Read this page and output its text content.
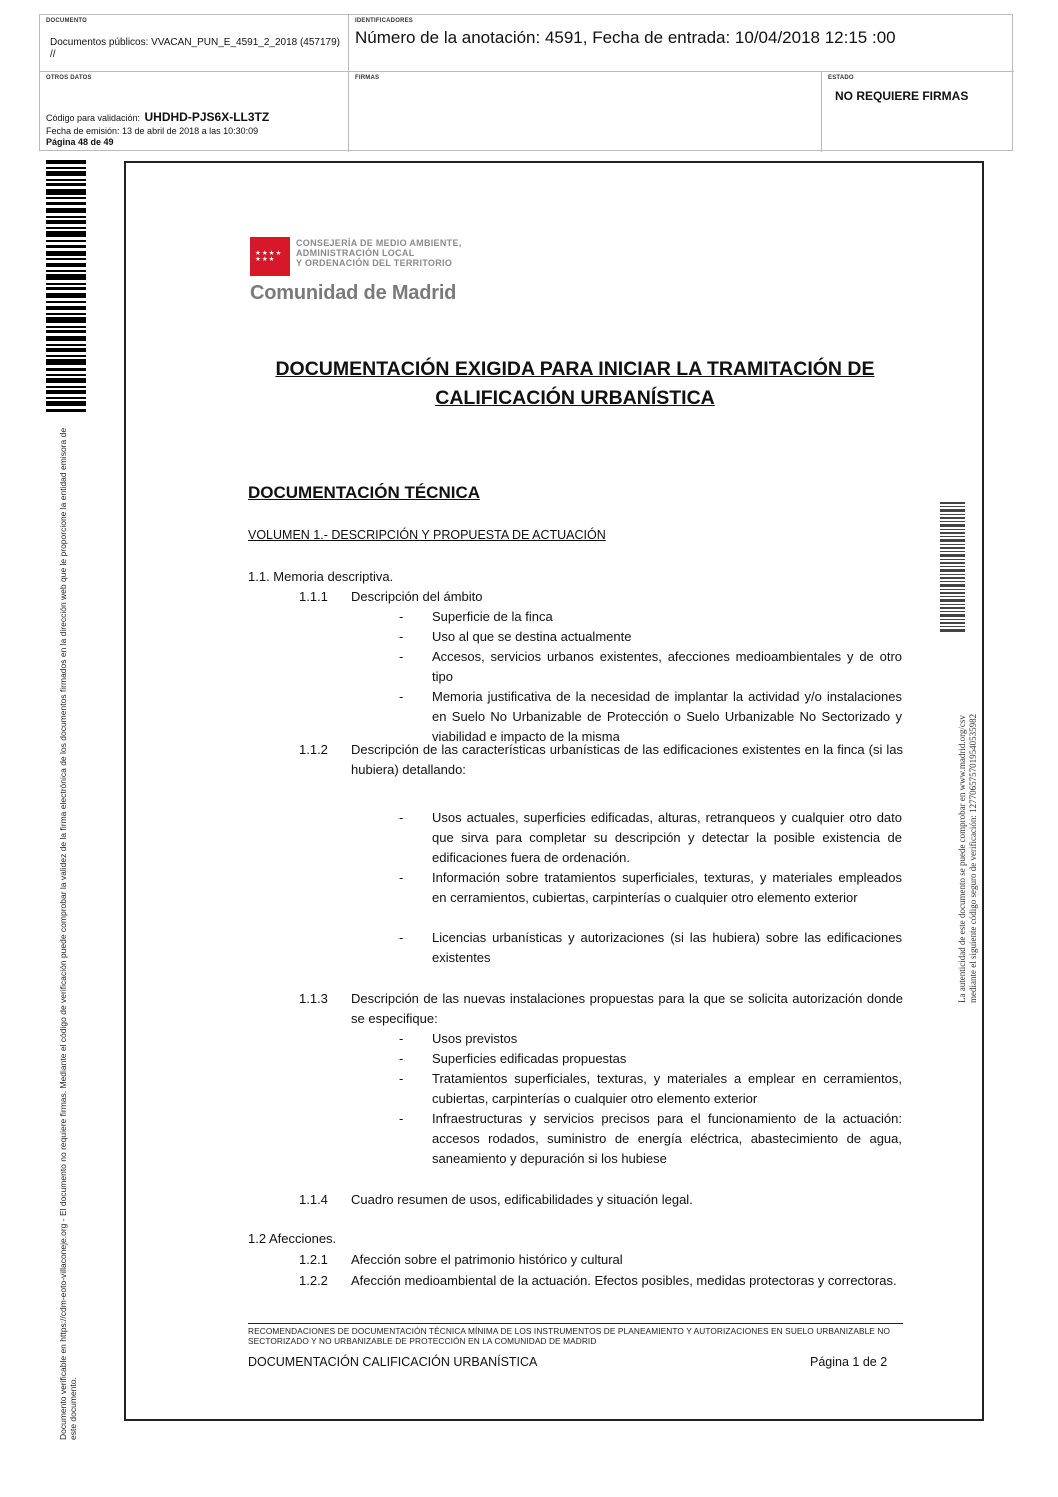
DOCUMENTO
Documentos públicos: VVACAN_PUN_E_4591_2_2018 (457179) //
IDENTIFICADORES
Número de la anotación: 4591, Fecha de entrada: 10/04/2018 12:15 :00
OTROS DATOS
Código para validación: UHDHD-PJS6X-LL3TZ
Fecha de emisión: 13 de abril de 2018 a las 10:30:09
Página 48 de 49
FIRMAS	ESTADO
NO REQUIERE FIRMAS
Documento verificable en https://cdm-eoto-villaconeje.org - El documento no requiere firmas. Mediante el código de verificación puede comprobar la validez de la firma electrónica de los documentos firmados en la dirección web que le proporcione la entidad emisora de este documento.
La autenticidad de este documento se puede comprobar en www.madrid.org/csv mediante el siguiente código seguro de verificación: 1277065757019540535982
★★★★
★★★
CONSEJERÍA DE MEDIO AMBIENTE,
ADMINISTRACIÓN LOCAL
Y ORDENACIÓN DEL TERRITORIO
Comunidad de Madrid
DOCUMENTACIÓN EXIGIDA PARA INICIAR LA TRAMITACIÓN DE CALIFICACIÓN URBANÍSTICA
DOCUMENTACIÓN TÉCNICA
VOLUMEN 1.- DESCRIPCIÓN Y PROPUESTA DE ACTUACIÓN
1.1. Memoria descriptiva.
1.1.1 Descripción del ámbito
- Superficie de la finca
- Uso al que se destina actualmente
- Accesos, servicios urbanos existentes, afecciones medioambientales y de otro tipo
- Memoria justificativa de la necesidad de implantar la actividad y/o instalaciones en Suelo No Urbanizable de Protección o Suelo Urbanizable No Sectorizado y viabilidad e impacto de la misma
1.1.2 Descripción de las características urbanísticas de las edificaciones existentes en la finca (si las hubiera) detallando:
- Usos actuales, superficies edificadas, alturas, retranqueos y cualquier otro dato que sirva para completar su descripción y detectar la posible existencia de edificaciones fuera de ordenación.
- Información sobre tratamientos superficiales, texturas, y materiales empleados en cerramientos, cubiertas, carpinterías o cualquier otro elemento exterior
- Licencias urbanísticas y autorizaciones (si las hubiera) sobre las edificaciones existentes
1.1.3 Descripción de las nuevas instalaciones propuestas para la que se solicita autorización donde se especifique:
- Usos previstos
- Superficies edificadas propuestas
- Tratamientos superficiales, texturas, y materiales a emplear en cerramientos, cubiertas, carpinterías o cualquier otro elemento exterior
- Infraestructuras y servicios precisos para el funcionamiento de la actuación: accesos rodados, suministro de energía eléctrica, abastecimiento de agua, saneamiento y depuración si los hubiese
1.1.4 Cuadro resumen de usos, edificabilidades y situación legal.
1.2 Afecciones.
1.2.1 Afección sobre el patrimonio histórico y cultural
1.2.2 Afección medioambiental de la actuación. Efectos posibles, medidas protectoras y correctoras.
RECOMENDACIONES DE DOCUMENTACIÓN TÉCNICA MÍNIMA DE LOS INSTRUMENTOS DE PLANEAMIENTO Y AUTORIZACIONES EN SUELO URBANIZABLE NO SECTORIZADO Y NO URBANIZABLE DE PROTECCIÓN EN LA COMUNIDAD DE MADRID
DOCUMENTACIÓN CALIFICACIÓN URBANÍSTICA	Página 1 de 2
